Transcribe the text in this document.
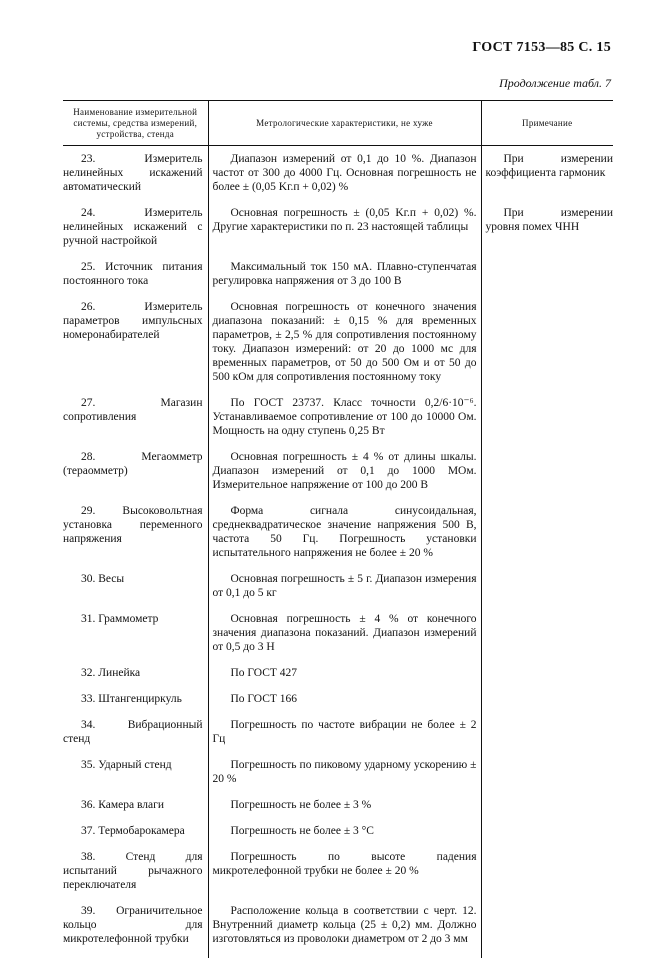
ГОСТ 7153—85 С. 15
Продолжение табл. 7
Наименование измерительной системы, средства измерений, устройства, стенда	Метрологические характеристики, не хуже	Примечание
23. Измеритель нелинейных искажений автоматический	Диапазон измерений от 0,1 до 10 %. Диапазон частот от 300 до 4000 Гц. Основная погрешность не более ± (0,05 Kг.п + 0,02) %	При измерении коэффициента гармоник
24. Измеритель нелинейных искажений с ручной настройкой	Основная погрешность ± (0,05 Kг.п + 0,02) %. Другие характеристики по п. 23 настоящей таблицы	При измерении уровня помех ЧНН
25. Источник питания постоянного тока	Максимальный ток 150 мА. Плавно-ступенчатая регулировка напряжения от 3 до 100 В	
26. Измеритель параметров импульсных номеронабирателей	Основная погрешность от конечного значения диапазона показаний: ± 0,15 % для временных параметров, ± 2,5 % для сопротивления постоянному току. Диапазон измерений: от 20 до 1000 мс для временных параметров, от 50 до 500 Ом и от 50 до 500 кОм для сопротивления постоянному току	
27. Магазин сопротивления	По ГОСТ 23737. Класс точности 0,2/6·10⁻⁶. Устанавливаемое сопротивление от 100 до 10000 Ом. Мощность на одну ступень 0,25 Вт	
28. Мегаомметр (тераомметр)	Основная погрешность ± 4 % от длины шкалы. Диапазон измерений от 0,1 до 1000 МОм. Измерительное напряжение от 100 до 200 В	
29. Высоковольтная установка переменного напряжения	Форма сигнала синусоидальная, среднеквадратическое значение напряжения 500 В, частота 50 Гц. Погрешность установки испытательного напряжения не более ± 20 %	
30. Весы	Основная погрешность ± 5 г. Диапазон измерения от 0,1 до 5 кг	
31. Граммометр	Основная погрешность ± 4 % от конечного значения диапазона показаний. Диапазон измерений от 0,5 до 3 Н	
32. Линейка	По ГОСТ 427	
33. Штангенциркуль	По ГОСТ 166	
34. Вибрационный стенд	Погрешность по частоте вибрации не более ± 2 Гц	
35. Ударный стенд	Погрешность по пиковому ударному ускорению ± 20 %	
36. Камера влаги	Погрешность не более ± 3 %	
37. Термобарокамера	Погрешность не более ± 3 °С	
38. Стенд для испытаний рычажного переключателя	Погрешность по высоте падения микротелефонной трубки не более ± 20 %	
39. Ограничительное кольцо для микротелефонной трубки	Расположение кольца в соответствии с черт. 12. Внутренний диаметр кольца (25 ± 0,2) мм. Должно изготовляться из проволоки диаметром от 2 до 3 мм	
